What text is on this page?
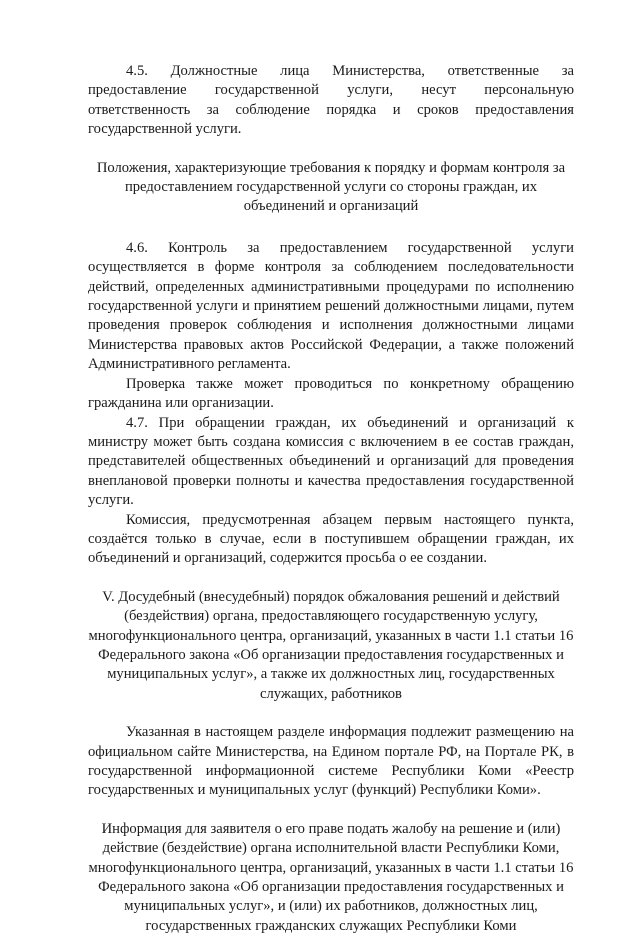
4.5. Должностные лица Министерства, ответственные за предоставление государственной услуги, несут персональную ответственность за соблюдение порядка и сроков предоставления государственной услуги.

Положения, характеризующие требования к порядку и формам контроля за предоставлением государственной услуги со стороны граждан, их объединений и организаций

4.6. Контроль за предоставлением государственной услуги осуществляется в форме контроля за соблюдением последовательности действий, определенных административными процедурами по исполнению государственной услуги и принятием решений должностными лицами, путем проведения проверок соблюдения и исполнения должностными лицами Министерства правовых актов Российской Федерации, а также положений Административного регламента.

Проверка также может проводиться по конкретному обращению гражданина или организации.

4.7. При обращении граждан, их объединений и организаций к министру может быть создана комиссия с включением в ее состав граждан, представителей общественных объединений и организаций для проведения внеплановой проверки полноты и качества предоставления государственной услуги.

Комиссия, предусмотренная абзацем первым настоящего пункта, создаётся только в случае, если в поступившем обращении граждан, их объединений и организаций, содержится просьба о ее создании.

V. Досудебный (внесудебный) порядок обжалования решений и действий (бездействия) органа, предоставляющего государственную услугу, многофункционального центра, организаций, указанных в части 1.1 статьи 16 Федерального закона «Об организации предоставления государственных и муниципальных услуг», а также их должностных лиц, государственных служащих, работников

Указанная в настоящем разделе информация подлежит размещению на официальном сайте Министерства, на Едином портале РФ, на Портале РК, в государственной информационной системе Республики Коми «Реестр государственных и муниципальных услуг (функций) Республики Коми».

Информация для заявителя о его праве подать жалобу на решение и (или) действие (бездействие) органа исполнительной власти Республики Коми, многофункционального центра, организаций, указанных в части 1.1 статьи 16 Федерального закона «Об организации предоставления государственных и муниципальных услуг», и (или) их работников, должностных лиц, государственных гражданских служащих Республики Коми
